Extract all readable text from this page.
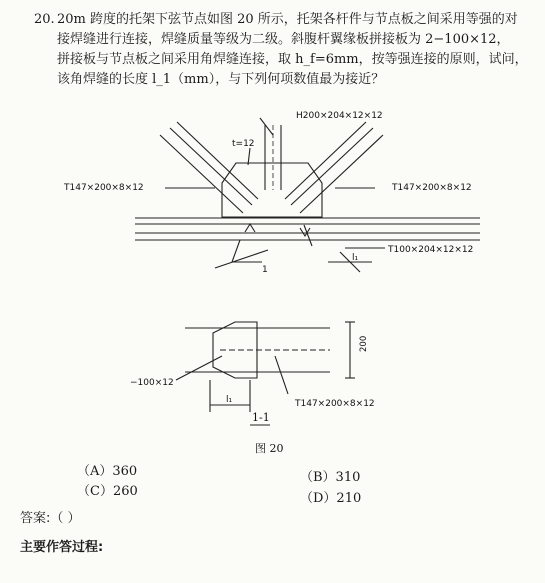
20. 20m 跨度的托架下弦节点如图 20 所示，托架各杆件与节点板之间采用等强的对
接焊缝进行连接，焊缝质量等级为二级。斜腹杆翼缘板拼接板为 2−100×12，
拼接板与节点板之间采用角焊缝连接，取 h_f=6mm，按等强连接的原则，试问，
该角焊缝的长度 l_1（mm），与下列何项数值最为接近？
H200×204×12×12
t=12
T147×200×8×12	T147×200×8×12
T100×204×12×12
l₁
1
−100×12
T147×200×8×12
200
l₁
1-1
图 20
（A）360	（B）310
（C）260	（D）210
答案:（ ）
主要作答过程:
